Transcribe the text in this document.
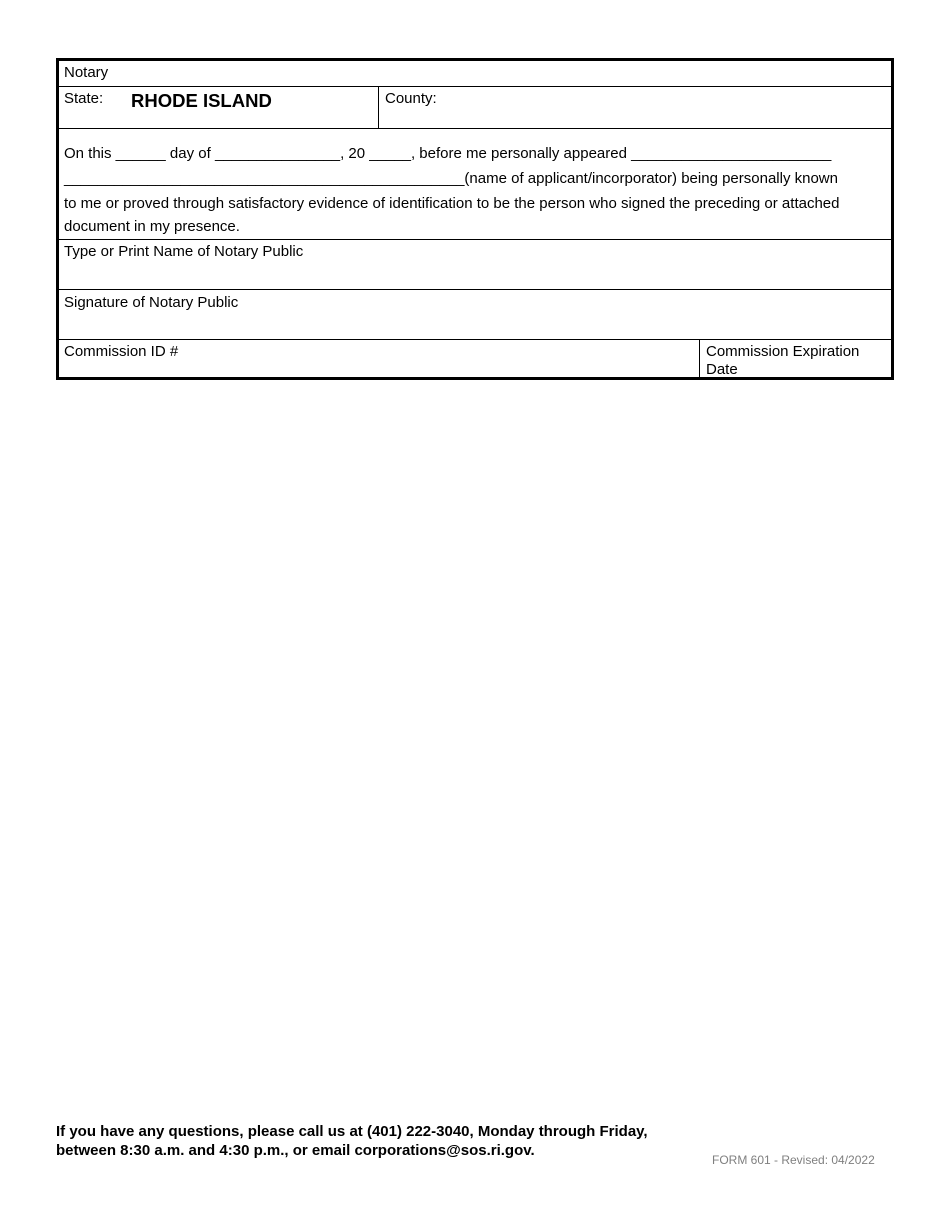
Notary
State: RHODE ISLAND	County:
On this ______ day of _______________, 20 _____, before me personally appeared ________________________
________________________________________________(name of applicant/incorporator) being personally known
to me or proved through satisfactory evidence of identification to be the person who signed the preceding or attached
document in my presence.
Type or Print Name of Notary Public
Signature of Notary Public
Commission ID #	Commission Expiration
Date
If you have any questions, please call us at (401) 222-3040, Monday through Friday,
between 8:30 a.m. and 4:30 p.m., or email corporations@sos.ri.gov.
FORM 601 - Revised: 04/2022
